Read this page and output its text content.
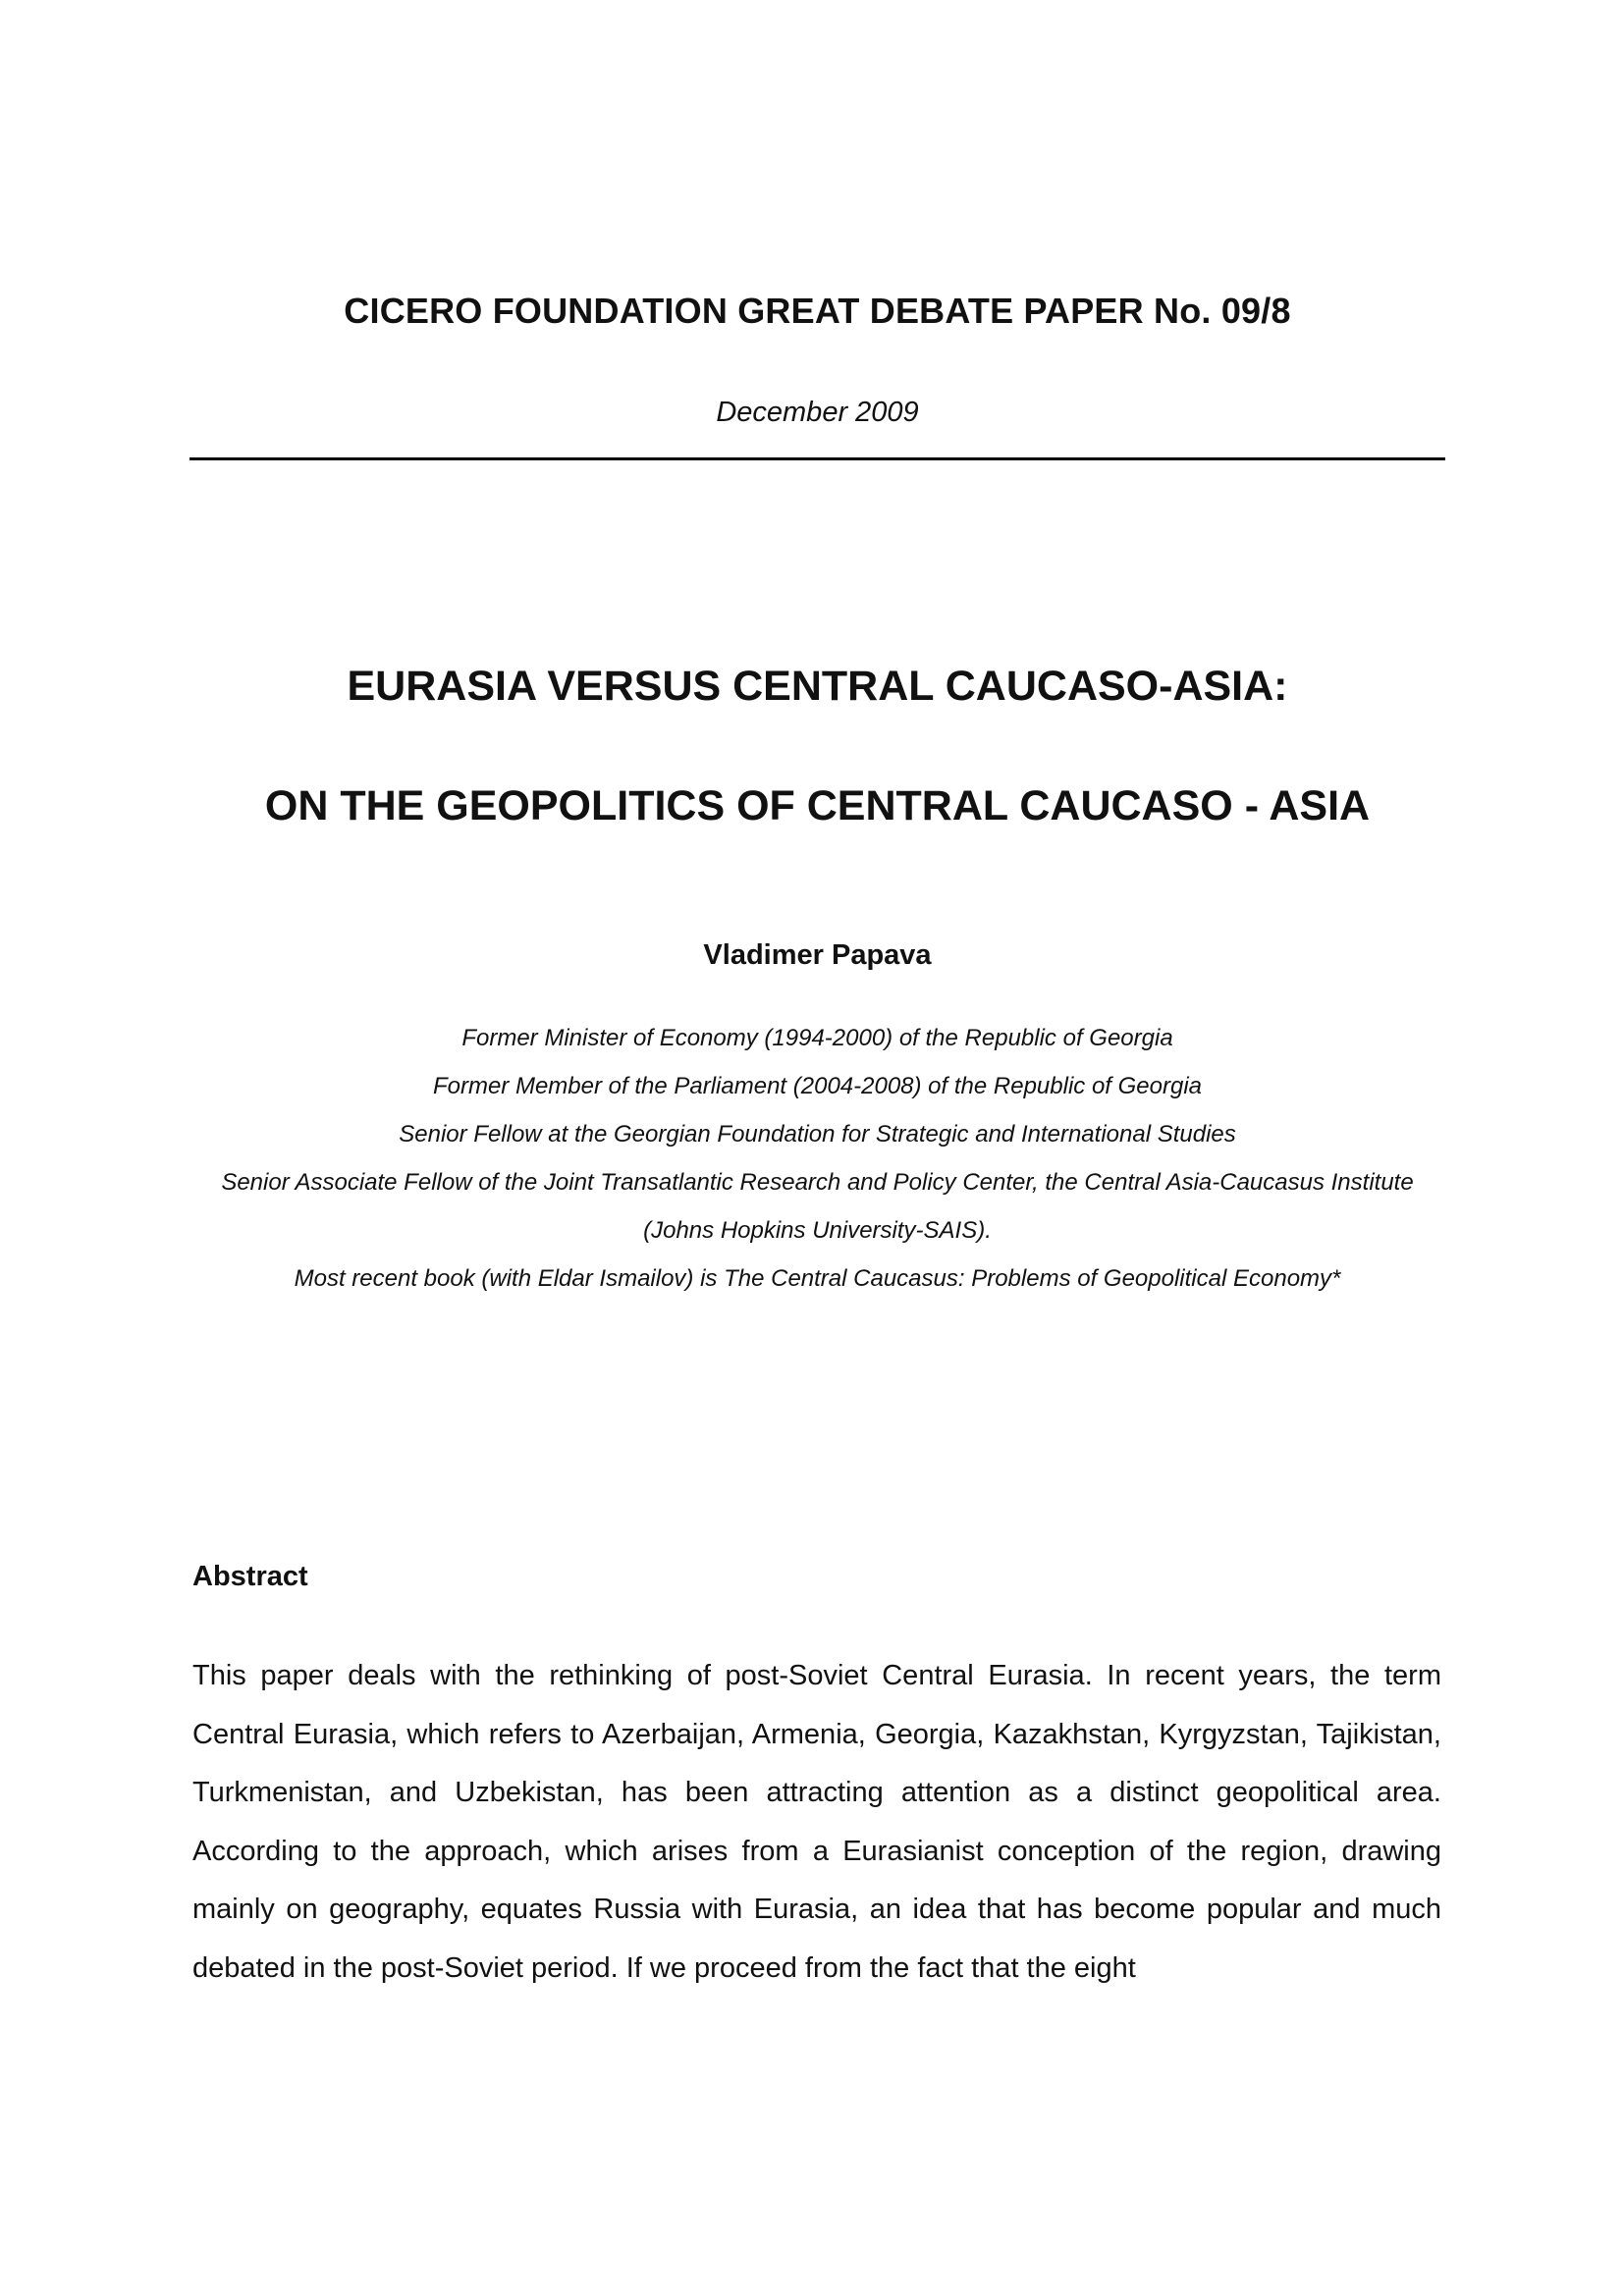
CICERO FOUNDATION GREAT DEBATE PAPER No. 09/8
December 2009
EURASIA VERSUS CENTRAL CAUCASO-ASIA:
ON THE GEOPOLITICS OF CENTRAL CAUCASO - ASIA
Vladimer Papava
Former Minister of Economy (1994-2000) of the Republic of Georgia
Former Member of the Parliament (2004-2008) of the Republic of Georgia
Senior Fellow at the Georgian Foundation for Strategic and International Studies
Senior Associate Fellow of the Joint Transatlantic Research and Policy Center, the Central Asia-Caucasus Institute
(Johns Hopkins University-SAIS).
Most recent book (with Eldar Ismailov) is The Central Caucasus: Problems of Geopolitical Economy*
Abstract

This paper deals with the rethinking of post-Soviet Central Eurasia. In recent years, the term Central Eurasia, which refers to Azerbaijan, Armenia, Georgia, Kazakhstan, Kyrgyzstan, Tajikistan, Turkmenistan, and Uzbekistan, has been attracting attention as a distinct geopolitical area. According to the approach, which arises from a Eurasianist conception of the region, drawing mainly on geography, equates Russia with Eurasia, an idea that has become popular and much debated in the post-Soviet period. If we proceed from the fact that the eight
